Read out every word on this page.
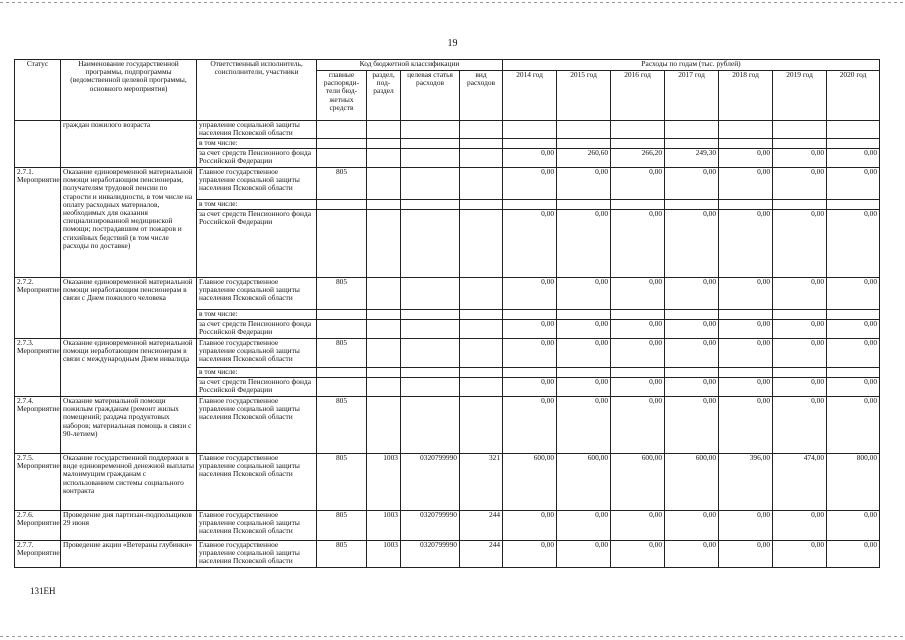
19
Статус	Наименование государственной программы, подпрограммы (ведомственной целевой программы, основного мероприятия)	Ответственный исполнитель, соисполнители, участники	Код бюджетной классификации				Расходы по годам (тыс. рублей)						
			главные распоряди-тели бюд-жетных средств	раздел, под-раздел	целевая статья расходов	вид расходов	2014 год	2015 год	2016 год	2017 год	2018 год	2019 год	2020 год
	граждан пожилого возраста	управление социальной защиты населения Псковской области											
		в том числе:											
		за счет средств Пенсионного фонда Российской Федерации					0,00	260,60	266,20	249,30	0,00	0,00	0,00
2.7.1. Мероприятие	Оказание единовременной материальной помощи неработающим пенсионерам, получателям трудовой пенсии по старости и инвалидности, в том числе на оплату расходных материалов, необходимых для оказания специализированной медицинской помощи; пострадавшим от пожаров и стихийных бедствий (в том числе расходы по доставке)	Главное государственное управление социальной защиты населения Псковской области	805				0,00	0,00	0,00	0,00	0,00	0,00	0,00
		в том числе:											
		за счет средств Пенсионного фонда Российской Федерации					0,00	0,00	0,00	0,00	0,00	0,00	0,00
2.7.2. Мероприятие	Оказание единовременной материальной помощи неработающим пенсионерам в связи с Днем пожилого человека	Главное государственное управление социальной защиты населения Псковской области	805				0,00	0,00	0,00	0,00	0,00	0,00	0,00
		в том числе:											
		за счет средств Пенсионного фонда Российской Федерации					0,00	0,00	0,00	0,00	0,00	0,00	0,00
2.7.3. Мероприятие	Оказание единовременной материальной помощи неработающим пенсионерам в связи с международным Днем инвалида	Главное государственное управление социальной защиты населения Псковской области	805				0,00	0,00	0,00	0,00	0,00	0,00	0,00
		в том числе:											
		за счет средств Пенсионного фонда Российской Федерации					0,00	0,00	0,00	0,00	0,00	0,00	0,00
2.7.4. Мероприятие	Оказание материальной помощи пожилым гражданам (ремонт жилых помещений; раздача продуктовых наборов; материальная помощь в связи с 90-летием)	Главное государственное управление социальной защиты населения Псковской области	805				0,00	0,00	0,00	0,00	0,00	0,00	0,00
2.7.5. Мероприятие	Оказание государственной поддержки в виде единовременной денежной выплаты малоимущим гражданам с использованием системы социального контракта	Главное государственное управление социальной защиты населения Псковской области	805	1003	0320799990	321	600,00	600,00	600,00	600,00	396,00	474,00	800,00
2.7.6. Мероприятие	Проведение дня партизан-подпольщиков 29 июня	Главное государственное управление социальной защиты населения Псковской области	805	1003	0320799990	244	0,00	0,00	0,00	0,00	0,00	0,00	0,00
2.7.7. Мероприятие	Проведение акции «Ветераны глубинки»	Главное государственное управление социальной защиты населения Псковской области	805	1003	0320799990	244	0,00	0,00	0,00	0,00	0,00	0,00	0,00
131ЕН
